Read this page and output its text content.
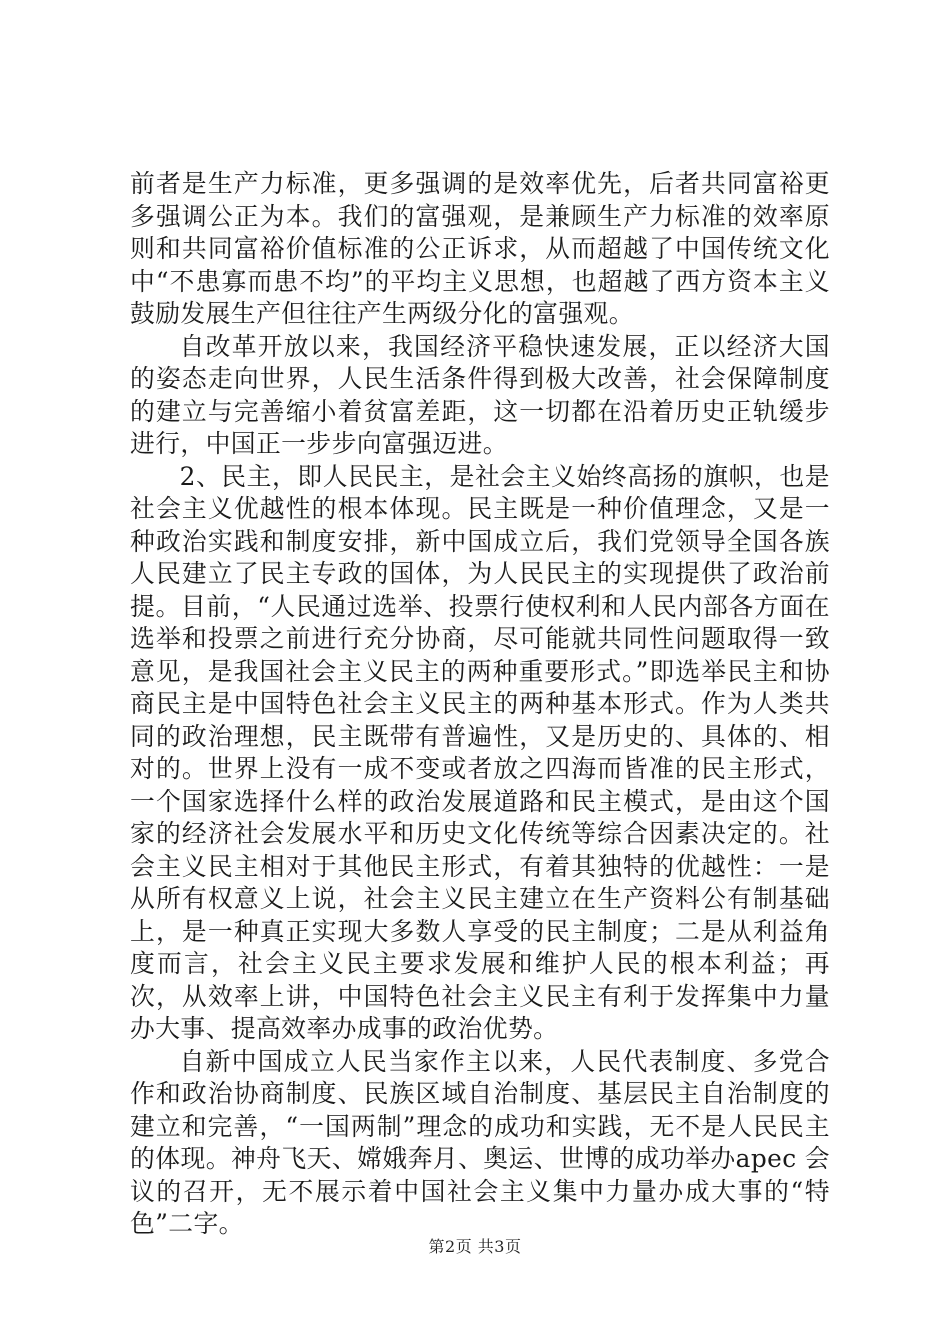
前者是生产力标准，更多强调的是效率优先，后者共同富裕更多强调公正为本。我们的富强观，是兼顾生产力标准的效率原则和共同富裕价值标准的公正诉求，从而超越了中国传统文化中“不患寡而患不均”的平均主义思想，也超越了西方资本主义鼓励发展生产但往往产生两级分化的富强观。

自改革开放以来，我国经济平稳快速发展，正以经济大国的姿态走向世界，人民生活条件得到极大改善，社会保障制度的建立与完善缩小着贫富差距，这一切都在沿着历史正轨缓步进行，中国正一步步向富强迈进。

2、民主，即人民民主，是社会主义始终高扬的旗帜，也是社会主义优越性的根本体现。民主既是一种价值理念，又是一种政治实践和制度安排，新中国成立后，我们党领导全国各族人民建立了民主专政的国体，为人民民主的实现提供了政治前提。目前，“人民通过选举、投票行使权利和人民内部各方面在选举和投票之前进行充分协商，尽可能就共同性问题取得一致意见，是我国社会主义民主的两种重要形式。”即选举民主和协商民主是中国特色社会主义民主的两种基本形式。作为人类共同的政治理想，民主既带有普遍性，又是历史的、具体的、相对的。世界上没有一成不变或者放之四海而皆准的民主形式，一个国家选择什么样的政治发展道路和民主模式，是由这个国家的经济社会发展水平和历史文化传统等综合因素决定的。社会主义民主相对于其他民主形式，有着其独特的优越性：一是从所有权意义上说，社会主义民主建立在生产资料公有制基础上，是一种真正实现大多数人享受的民主制度；二是从利益角度而言，社会主义民主要求发展和维护人民的根本利益；再次，从效率上讲，中国特色社会主义民主有利于发挥集中力量办大事、提高效率办成事的政治优势。

自新中国成立人民当家作主以来，人民代表制度、多党合作和政治协商制度、民族区域自治制度、基层民主自治制度的建立和完善，“一国两制”理念的成功和实践，无不是人民民主的体现。神舟飞天、嫦娥奔月、奥运、世博的成功举办apec 会议的召开，无不展示着中国社会主义集中力量办成大事的“特色”二字。

第2页 共3页
